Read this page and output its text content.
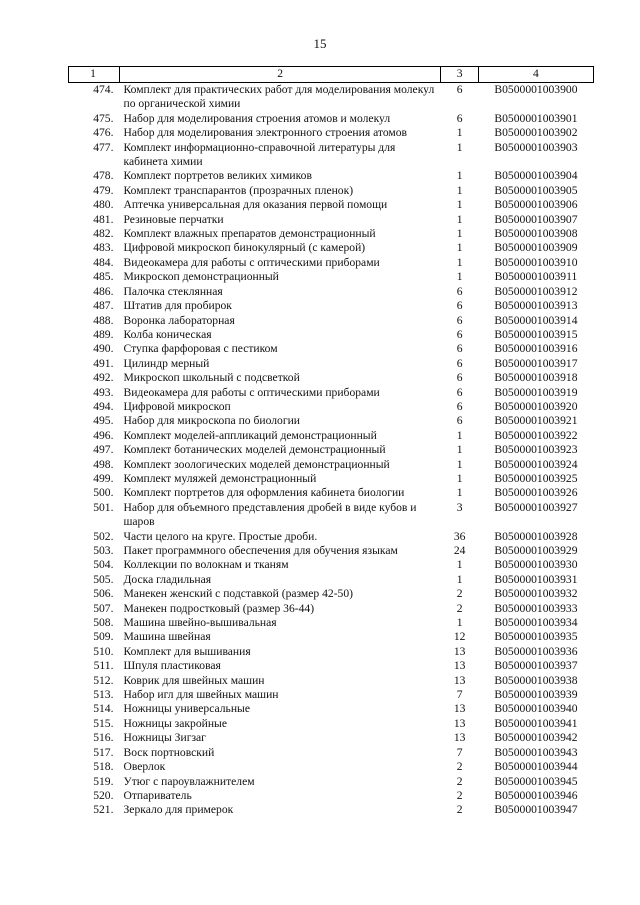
15
1	2	3	4
474.	Комплект для практических работ для моделирования молекул по органической химии	6	B0500001003900
475.	Набор для моделирования строения атомов и молекул	6	B0500001003901
476.	Набор для моделирования электронного строения атомов	1	B0500001003902
477.	Комплект информационно-справочной литературы для кабинета химии	1	B0500001003903
478.	Комплект портретов великих химиков	1	B0500001003904
479.	Комплект транспарантов (прозрачных пленок)	1	B0500001003905
480.	Аптечка универсальная для оказания первой помощи	1	B0500001003906
481.	Резиновые перчатки	1	B0500001003907
482.	Комплект влажных препаратов демонстрационный	1	B0500001003908
483.	Цифровой микроскоп бинокулярный (с камерой)	1	B0500001003909
484.	Видеокамера для работы с оптическими приборами	1	B0500001003910
485.	Микроскоп демонстрационный	1	B0500001003911
486.	Палочка стеклянная	6	B0500001003912
487.	Штатив для пробирок	6	B0500001003913
488.	Воронка лабораторная	6	B0500001003914
489.	Колба коническая	6	B0500001003915
490.	Ступка фарфоровая с пестиком	6	B0500001003916
491.	Цилиндр мерный	6	B0500001003917
492.	Микроскоп школьный с подсветкой	6	B0500001003918
493.	Видеокамера для работы с оптическими приборами	6	B0500001003919
494.	Цифровой микроскоп	6	B0500001003920
495.	Набор для микроскопа по биологии	6	B0500001003921
496.	Комплект моделей-аппликаций демонстрационный	1	B0500001003922
497.	Комплект ботанических моделей демонстрационный	1	B0500001003923
498.	Комплект зоологических моделей демонстрационный	1	B0500001003924
499.	Комплект муляжей демонстрационный	1	B0500001003925
500.	Комплект портретов для оформления кабинета биологии	1	B0500001003926
501.	Набор для объемного представления дробей в виде кубов и шаров	3	B0500001003927
502.	Части целого на круге. Простые дроби.	36	B0500001003928
503.	Пакет программного обеспечения для обучения языкам	24	B0500001003929
504.	Коллекции по волокнам и тканям	1	B0500001003930
505.	Доска гладильная	1	B0500001003931
506.	Манекен женский с подставкой (размер 42-50)	2	B0500001003932
507.	Манекен подростковый (размер 36-44)	2	B0500001003933
508.	Машина швейно-вышивальная	1	B0500001003934
509.	Машина швейная	12	B0500001003935
510.	Комплект для вышивания	13	B0500001003936
511.	Шпуля пластиковая	13	B0500001003937
512.	Коврик для швейных машин	13	B0500001003938
513.	Набор игл для швейных машин	7	B0500001003939
514.	Ножницы универсальные	13	B0500001003940
515.	Ножницы закройные	13	B0500001003941
516.	Ножницы Зигзаг	13	B0500001003942
517.	Воск портновский	7	B0500001003943
518.	Оверлок	2	B0500001003944
519.	Утюг с пароувлажнителем	2	B0500001003945
520.	Отпариватель	2	B0500001003946
521.	Зеркало для примерок	2	B0500001003947
